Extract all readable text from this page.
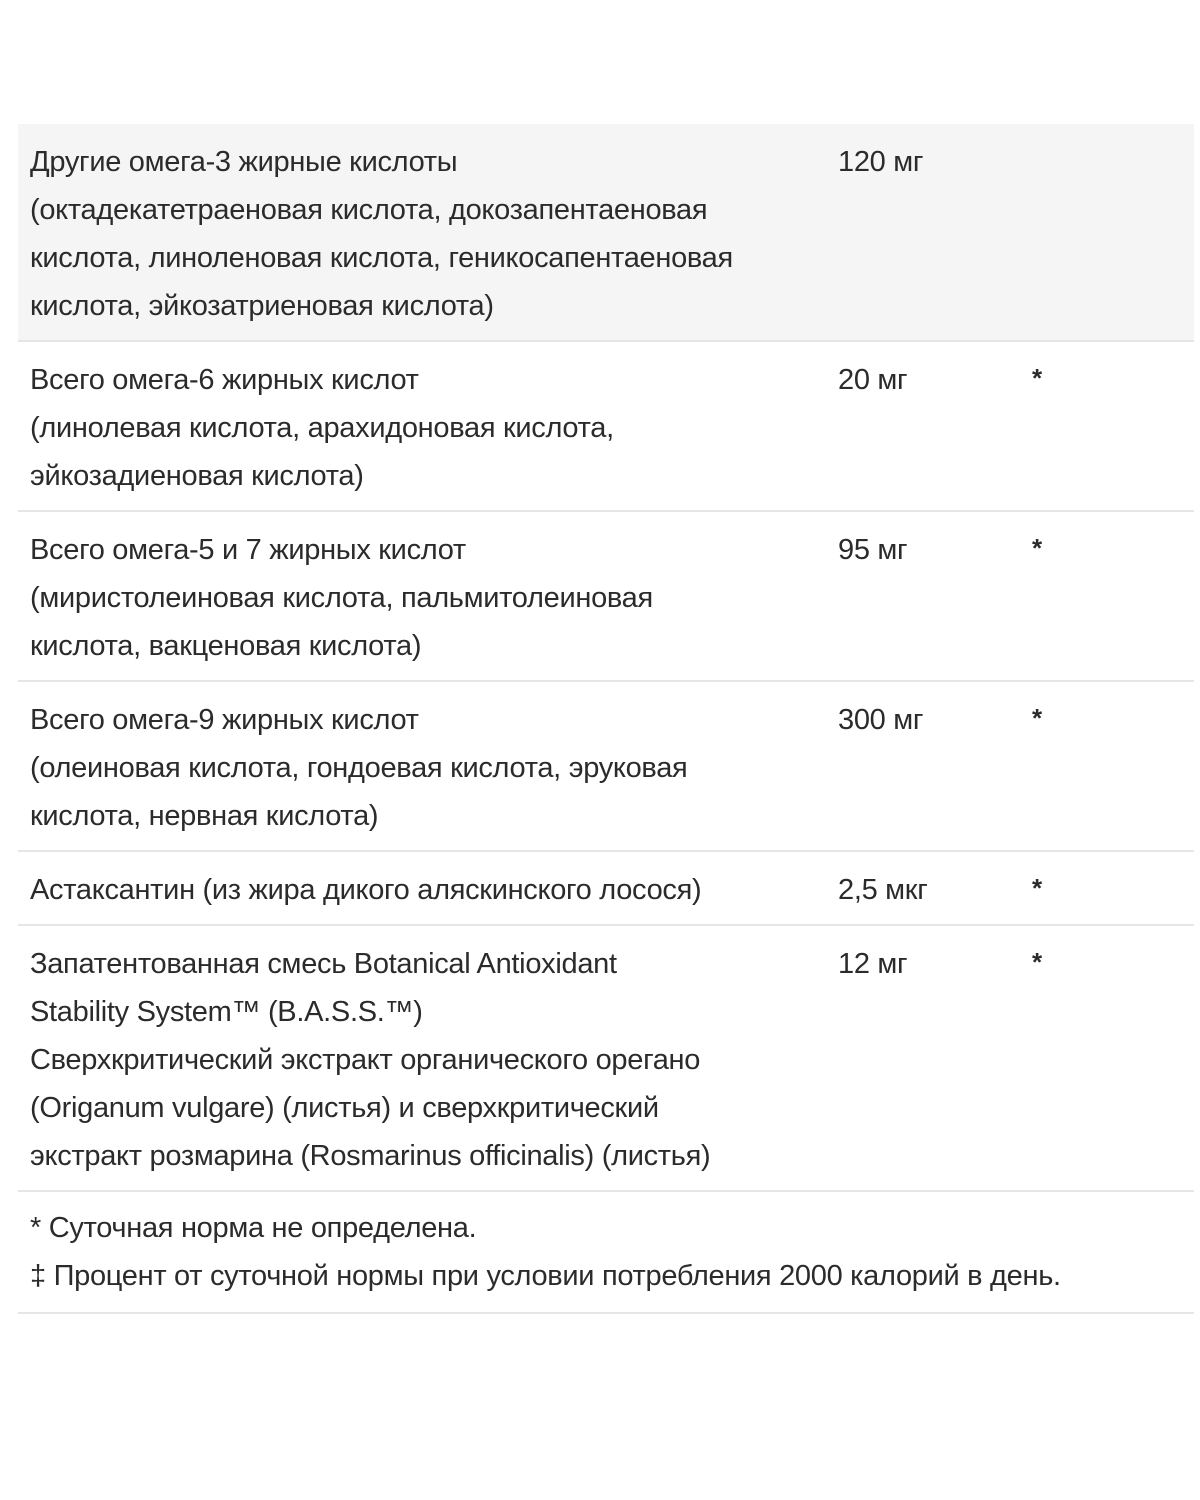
Другие омега-3 жирные кислоты
(октадекатетраеновая кислота, докозапентаеновая
кислота, линоленовая кислота, геникосапентаеновая
кислота, эйкозатриеновая кислота)
120 мг
Всего омега-6 жирных кислот
(линолевая кислота, арахидоновая кислота,
эйкозадиеновая кислота)
20 мг	*
Всего омега-5 и 7 жирных кислот
(миристолеиновая кислота, пальмитолеиновая
кислота, вакценовая кислота)
95 мг	*
Всего омега-9 жирных кислот
(олеиновая кислота, гондоевая кислота, эруковая
кислота, нервная кислота)
300 мг	*
Астаксантин (из жира дикого аляскинского лосося)	2,5 мкг	*
Запатентованная смесь Botanical Antioxidant
Stability System™ (B.A.S.S.™)
Сверхкритический экстракт органического орегано
(Origanum vulgare) (листья) и сверхкритический
экстракт розмарина (Rosmarinus officinalis) (листья)
12 мг	*
* Суточная норма не определена.
‡ Процент от суточной нормы при условии потребления 2000 калорий в день.
